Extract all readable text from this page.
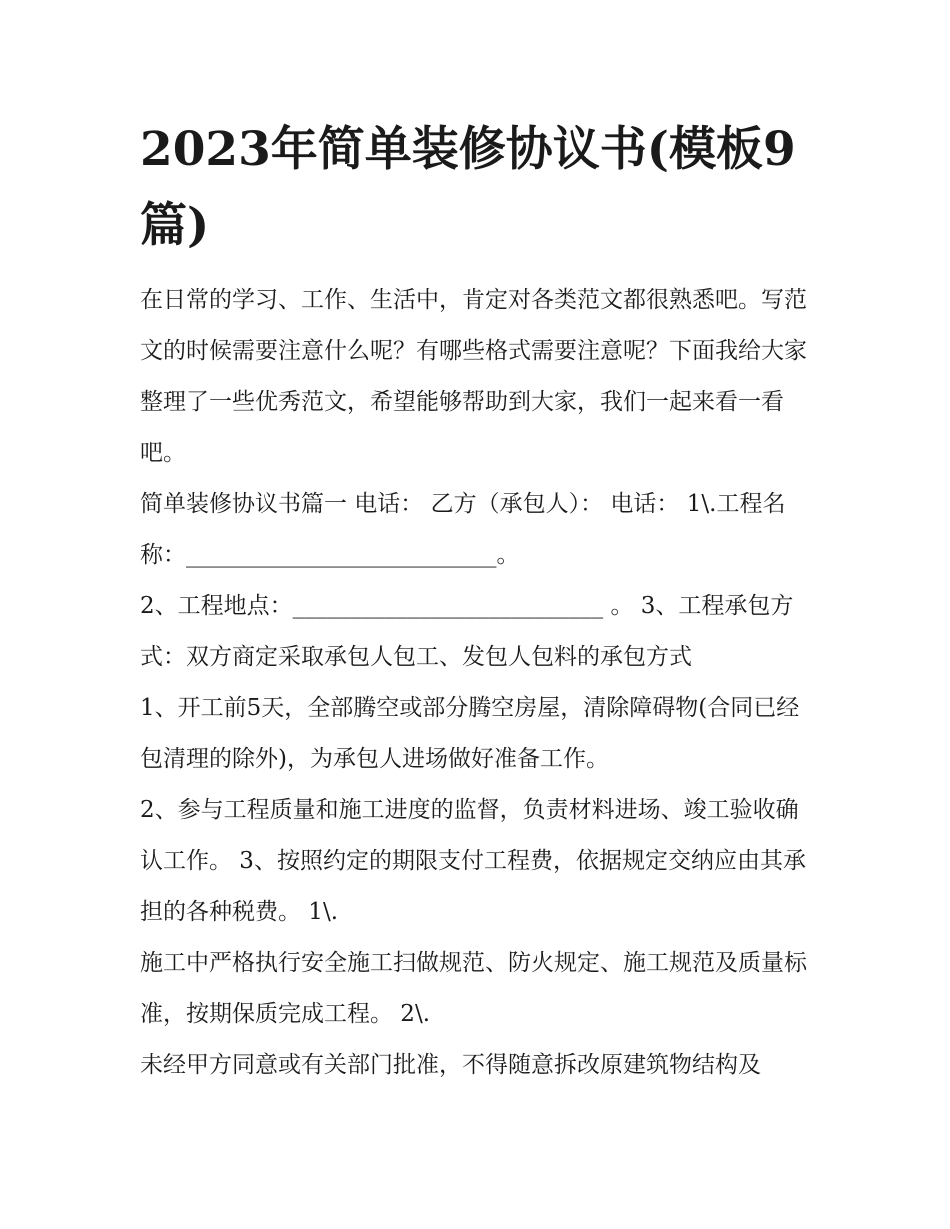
2023年简单装修协议书(模板9篇)

在日常的学习、工作、生活中，肯定对各类范文都很熟悉吧。写范文的时候需要注意什么呢？有哪些格式需要注意呢？下面我给大家整理了一些优秀范文，希望能够帮助到大家，我们一起来看一看吧。

简单装修协议书篇一 电话： 乙方（承包人）： 电话： 1\.工程名称：___________________________。

2、工程地点：___________________________ 。 3、工程承包方式：双方商定采取承包人包工、发包人包料的承包方式

1、开工前5天，全部腾空或部分腾空房屋，清除障碍物(合同已经包清理的除外)，为承包人进场做好准备工作。

2、参与工程质量和施工进度的监督，负责材料进场、竣工验收确认工作。 3、按照约定的期限支付工程费，依据规定交纳应由其承担的各种税费。 1\.

施工中严格执行安全施工扫做规范、防火规定、施工规范及质量标准，按期保质完成工程。 2\.

未经甲方同意或有关部门批准，不得随意拆改原建筑物结构及
